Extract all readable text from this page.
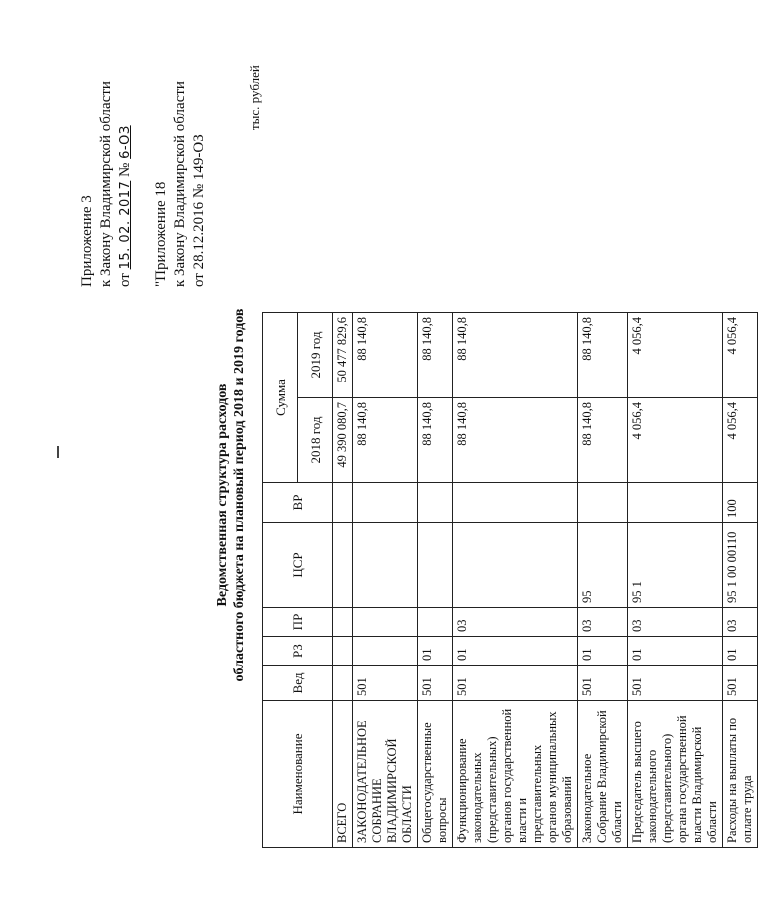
Приложение 3 к Закону Владимирской области от 15. 02. 2017 № 6-ОЗ
"Приложение 18 к Закону Владимирской области от 28.12.2016 № 149-ОЗ
Ведомственная структура расходов областного бюджета на плановый период 2018 и 2019 годов
тыс. рублей
Наименование	Вед	РЗ	ПР	ЦСР	ВР	Сумма	
						2018 год	2019 год
ВСЕГО						49 390 080,7	50 477 829,6
ЗАКОНОДАТЕЛЬНОЕ СОБРАНИЕ ВЛАДИМИРСКОЙ ОБЛАСТИ	501					88 140,8	88 140,8
Общегосударственные вопросы	501	01				88 140,8	88 140,8
Функционирование законодательных (представительных) органов государственной власти и представительных органов муниципальных образований	501	01	03			88 140,8	88 140,8
Законодательное Собрание Владимирской области	501	01	03	95		88 140,8	88 140,8
Председатель высшего законодательного (представительного) органа государственной власти Владимирской области	501	01	03	95 1		4 056,4	4 056,4
Расходы на выплаты по оплате труда	501	01	03	95 1 00 00110	100	4 056,4	4 056,4
